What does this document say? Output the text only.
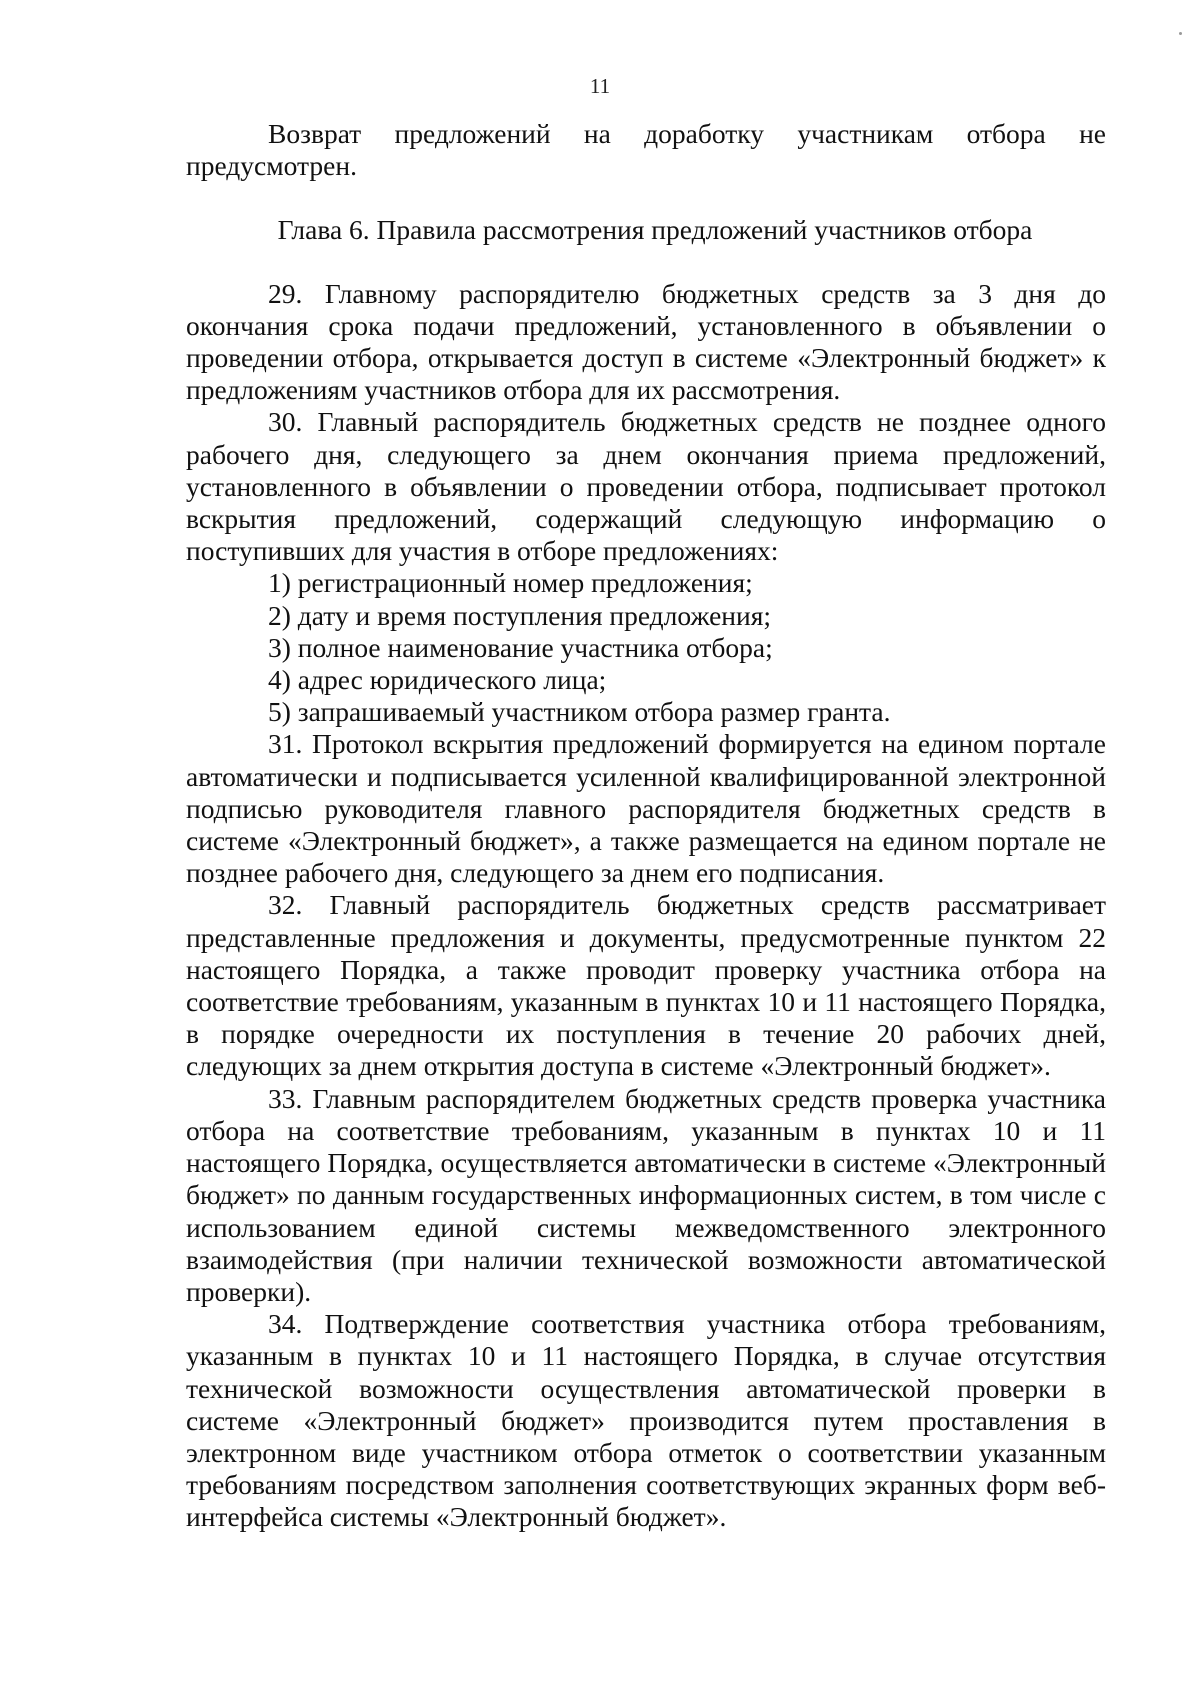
11

Возврат предложений на доработку участникам отбора не предусмотрен.

Глава 6. Правила рассмотрения предложений участников отбора

29. Главному распорядителю бюджетных средств за 3 дня до окончания срока подачи предложений, установленного в объявлении о проведении отбора, открывается доступ в системе «Электронный бюджет» к предложениям участников отбора для их рассмотрения.

30. Главный распорядитель бюджетных средств не позднее одного рабочего дня, следующего за днем окончания приема предложений, установленного в объявлении о проведении отбора, подписывает протокол вскрытия предложений, содержащий следующую информацию о поступивших для участия в отборе предложениях:

1) регистрационный номер предложения;

2) дату и время поступления предложения;

3) полное наименование участника отбора;

4) адрес юридического лица;

5) запрашиваемый участником отбора размер гранта.

31. Протокол вскрытия предложений формируется на едином портале автоматически и подписывается усиленной квалифицированной электронной подписью руководителя главного распорядителя бюджетных средств в системе «Электронный бюджет», а также размещается на едином портале не позднее рабочего дня, следующего за днем его подписания.

32. Главный распорядитель бюджетных средств рассматривает представленные предложения и документы, предусмотренные пунктом 22 настоящего Порядка, а также проводит проверку участника отбора на соответствие требованиям, указанным в пунктах 10 и 11 настоящего Порядка, в порядке очередности их поступления в течение 20 рабочих дней, следующих за днем открытия доступа в системе «Электронный бюджет».

33. Главным распорядителем бюджетных средств проверка участника отбора на соответствие требованиям, указанным в пунктах 10 и 11 настоящего Порядка, осуществляется автоматически в системе «Электронный бюджет» по данным государственных информационных систем, в том числе с использованием единой системы межведомственного электронного взаимодействия (при наличии технической возможности автоматической проверки).

34. Подтверждение соответствия участника отбора требованиям, указанным в пунктах 10 и 11 настоящего Порядка, в случае отсутствия технической возможности осуществления автоматической проверки в системе «Электронный бюджет» производится путем проставления в электронном виде участником отбора отметок о соответствии указанным требованиям посредством заполнения соответствующих экранных форм веб-интерфейса системы «Электронный бюджет».
